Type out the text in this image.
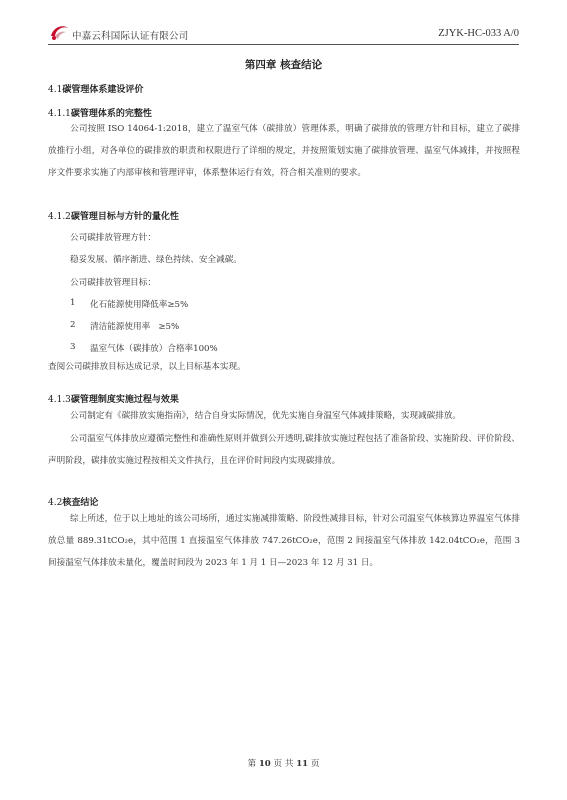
中嘉云科国际认证有限公司	ZJYK-HC-033 A/0
第四章 核查结论
4.1碳管理体系建设评价
4.1.1碳管理体系的完整性
公司按照 ISO 14064-1:2018，建立了温室气体（碳排放）管理体系，明确了碳排放的管理方针和目标，建立了碳排放推行小组，对各单位的碳排放的职责和权限进行了详细的规定，并按照策划实施了碳排放管理、温室气体减排，并按照程序文件要求实施了内部审核和管理评审，体系整体运行有效，符合相关准则的要求。
4.1.2碳管理目标与方针的量化性
公司碳排放管理方针：
稳妥发展、循序渐进、绿色持续、安全减碳。
公司碳排放管理目标：
1 化石能源使用降低率≥5%
2 清洁能源使用率   ≥5%
3 温室气体（碳排放）合格率100%
查阅公司碳排放目标达成记录，以上目标基本实现。
4.1.3碳管理制度实施过程与效果
公司制定有《碳排放实施指南》，结合自身实际情况，优先实施自身温室气体减排策略，实现减碳排放。
公司温室气体排放应遵循完整性和准确性原则并做到公开透明,碳排放实施过程包括了准备阶段、实施阶段、评价阶段、声明阶段，碳排放实施过程按相关文件执行，且在评价时间段内实现碳排放。
4.2核查结论
综上所述，位于以上地址的该公司场所，通过实施减排策略、阶段性减排目标，针对公司温室气体核算边界温室气体排放总量 889.31tCO₂e，其中范围 1 直接温室气体排放 747.26tCO₂e，范围 2 间接温室气体排放 142.04tCO₂e，范围 3 间接温室气体排放未量化，覆盖时间段为 2023 年 1 月 1 日—2023 年 12 月 31 日。
第 10 页 共 11 页
